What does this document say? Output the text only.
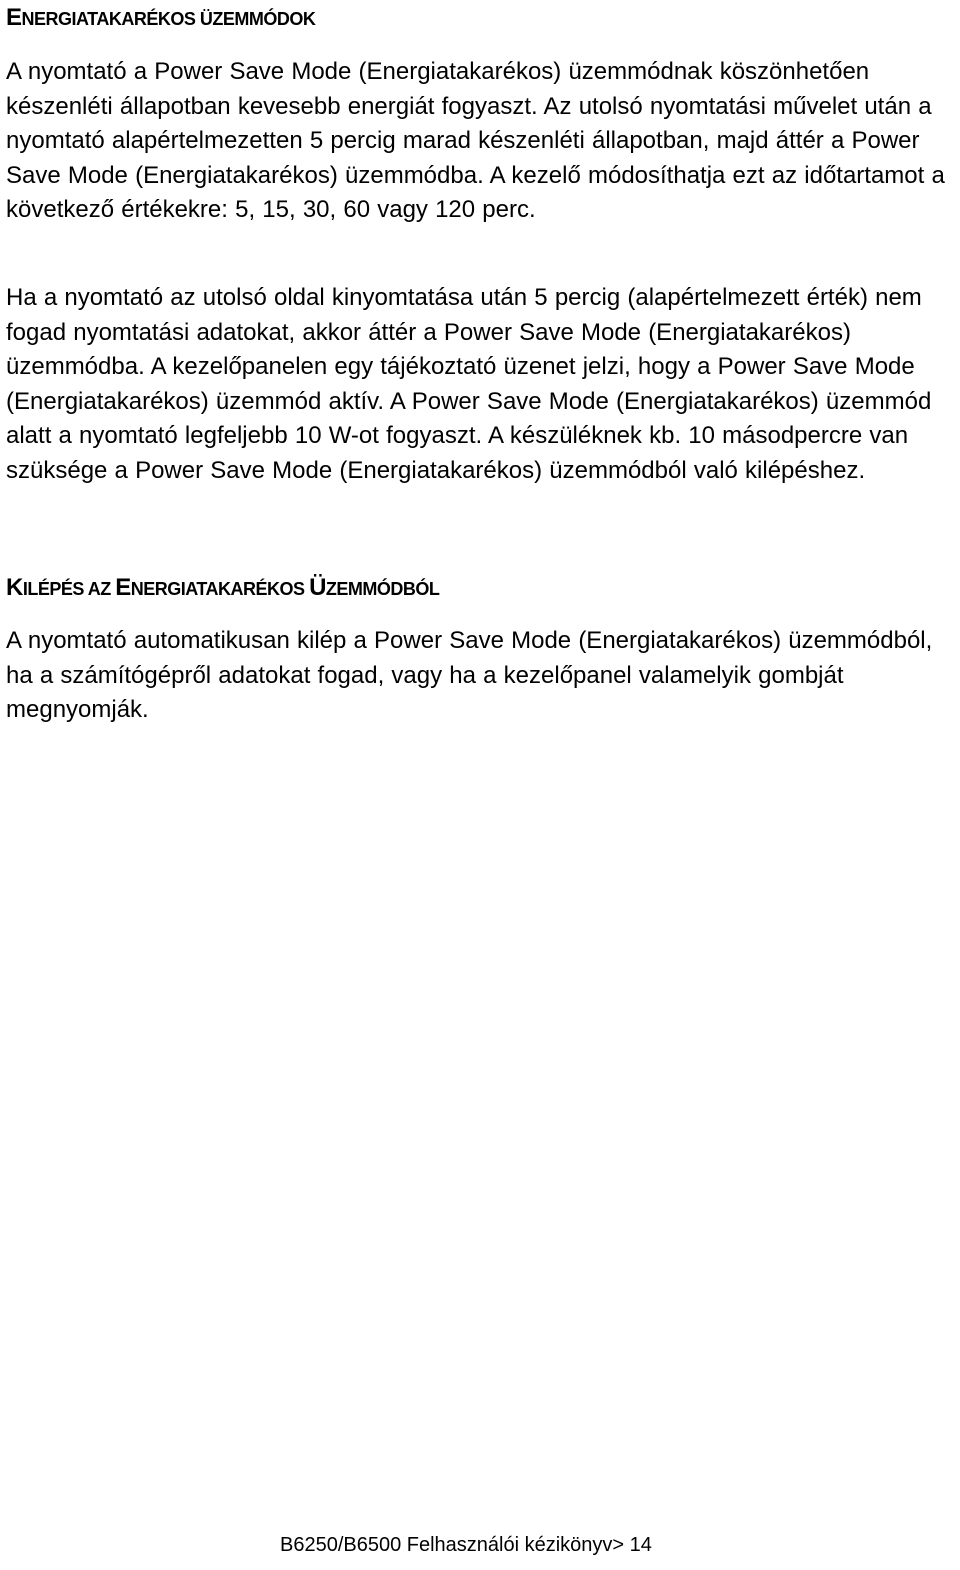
ENERGIATAKARÉKOS ÜZEMMÓDOK

A nyomtató a Power Save Mode (Energiatakarékos) üzemmódnak köszönhetően készenléti állapotban kevesebb energiát fogyaszt. Az utolsó nyomtatási művelet után a nyomtató alapértelmezetten 5 percig marad készenléti állapotban, majd áttér a Power Save Mode (Energiatakarékos) üzemmódba. A kezelő módosíthatja ezt az időtartamot a következő értékekre: 5, 15, 30, 60 vagy 120 perc.

Ha a nyomtató az utolsó oldal kinyomtatása után 5 percig (alapértelmezett érték) nem fogad nyomtatási adatokat, akkor áttér a Power Save Mode (Energiatakarékos) üzemmódba. A kezelőpanelen egy tájékoztató üzenet jelzi, hogy a Power Save Mode (Energiatakarékos) üzemmód aktív. A Power Save Mode (Energiatakarékos) üzemmód alatt a nyomtató legfeljebb 10 W-ot fogyaszt. A készüléknek kb. 10 másodpercre van szüksége a Power Save Mode (Energiatakarékos) üzemmódból való kilépéshez.

KILÉPÉS AZ ENERGIATAKARÉKOS ÜZEMMÓDBÓL

A nyomtató automatikusan kilép a Power Save Mode (Energiatakarékos) üzemmódból, ha a számítógépről adatokat fogad, vagy ha a kezelőpanel valamelyik gombját megnyomják.

B6250/B6500 Felhasználói kézikönyv> 14
